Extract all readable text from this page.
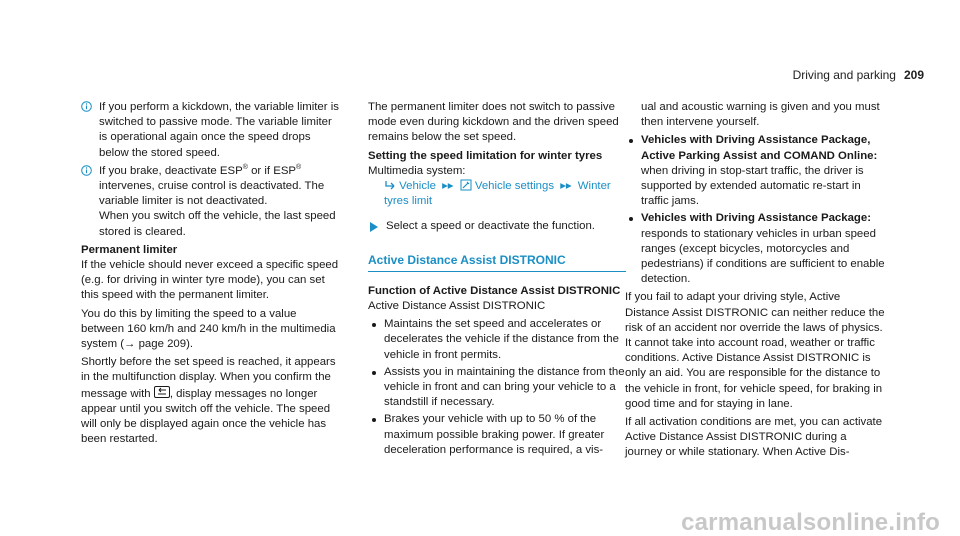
Driving and parking 209
If you perform a kickdown, the variable limiter is switched to passive mode. The variable limiter is operational again once the speed drops below the stored speed.
If you brake, deactivate ESP® or if ESP® intervenes, cruise control is deactivated. The variable limiter is not deactivated.
When you switch off the vehicle, the last speed stored is cleared.
Permanent limiter

If the vehicle should never exceed a specific speed (e.g. for driving in winter tyre mode), you can set this speed with the permanent limiter.

You do this by limiting the speed to a value between 160 km/h and 240 km/h in the multimedia system (→ page 209).

Shortly before the set speed is reached, it appears in the multifunction display. When you confirm the message with , display messages no longer appear until you switch off the vehicle. The speed will only be displayed again once the vehicle has been restarted.

The permanent limiter does not switch to passive mode even during kickdown and the driven speed remains below the set speed.

Setting the speed limitation for winter tyres
Multimedia system:
Vehicle ▸▸ Vehicle settings ▸▸ Winter tyres limit
Select a speed or deactivate the function.
Active Distance Assist DISTRONIC
Function of Active Distance Assist DISTRONIC

Active Distance Assist DISTRONIC

Maintains the set speed and accelerates or decelerates the vehicle if the distance from the vehicle in front permits.
Assists you in maintaining the distance from the vehicle in front and can bring your vehicle to a standstill if necessary.
Brakes your vehicle with up to 50 % of the maximum possible braking power. If greater deceleration performance is required, a vis-

ual and acoustic warning is given and you must then intervene yourself.

Vehicles with Driving Assistance Package, Active Parking Assist and COMAND Online: when driving in stop-start traffic, the driver is supported by extended automatic re-start in traffic jams.
Vehicles with Driving Assistance Package: responds to stationary vehicles in urban speed ranges (except bicycles, motorcycles and pedestrians) if conditions are sufficient to enable detection.

If you fail to adapt your driving style, Active Distance Assist DISTRONIC can neither reduce the risk of an accident nor override the laws of physics. It cannot take into account road, weather or traffic conditions. Active Distance Assist DISTRONIC is only an aid. You are responsible for the distance to the vehicle in front, for vehicle speed, for braking in good time and for staying in lane.

If all activation conditions are met, you can activate Active Distance Assist DISTRONIC during a journey or while stationary. When Active Dis-

carmanualsonline.info
